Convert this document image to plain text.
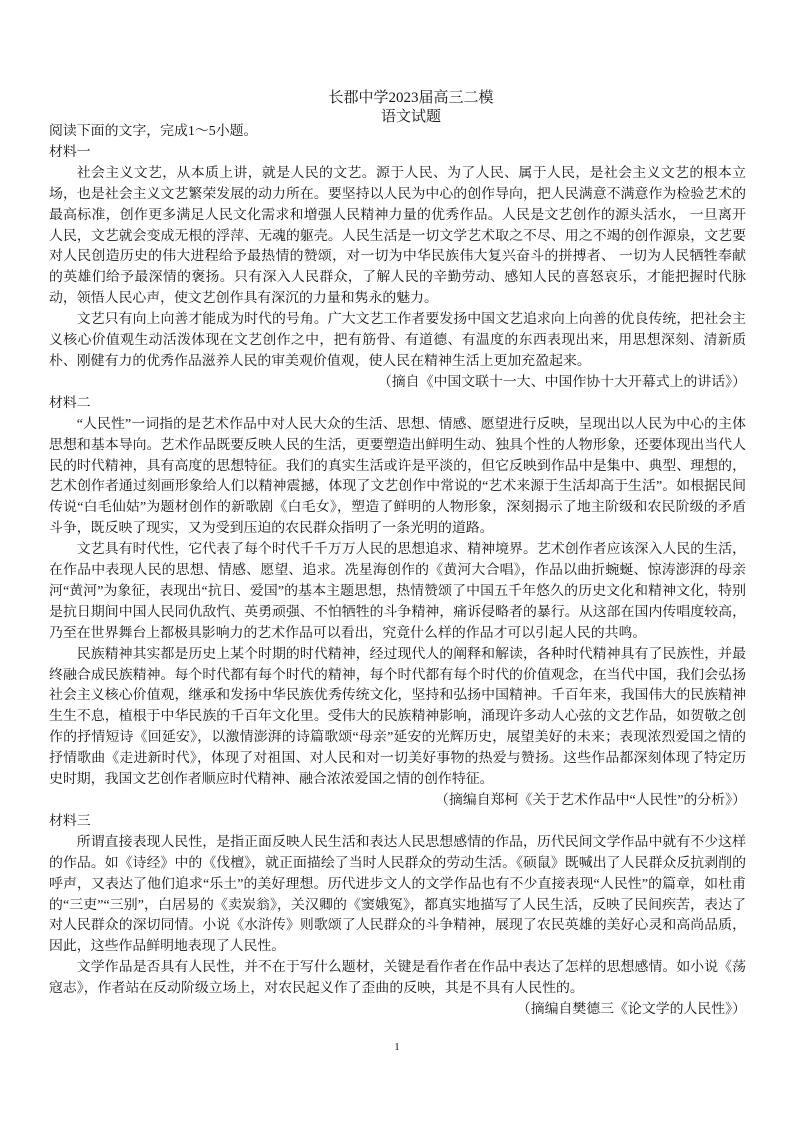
长郡中学2023届高三二模
语文试题

阅读下面的文字，完成1～5小题。

材料一

社会主义文艺，从本质上讲，就是人民的文艺。源于人民、为了人民、属于人民，是社会主义文艺的根本立场，也是社会主义文艺繁荣发展的动力所在。要坚持以人民为中心的创作导向，把人民满意不满意作为检验艺术的最高标准，创作更多满足人民文化需求和增强人民精神力量的优秀作品。人民是文艺创作的源头活水， 一旦离开人民，文艺就会变成无根的浮萍、无魂的躯壳。人民生活是一切文学艺术取之不尽、用之不竭的创作源泉，文艺要对人民创造历史的伟大进程给予最热情的赞颂，对一切为中华民族伟大复兴奋斗的拼搏者、 一切为人民牺牲奉献的英雄们给予最深情的褒扬。只有深入人民群众，了解人民的辛勤劳动、感知人民的喜怒哀乐，才能把握时代脉动，领悟人民心声，使文艺创作具有深沉的力量和隽永的魅力。

文艺只有向上向善才能成为时代的号角。广大文艺工作者要发扬中国文艺追求向上向善的优良传统，把社会主义核心价值观生动活泼体现在文艺创作之中，把有筋骨、有道德、有温度的东西表现出来，用思想深刻、清新质朴、刚健有力的优秀作品滋养人民的审美观价值观，使人民在精神生活上更加充盈起来。

（摘自《中国文联十一大、中国作协十大开幕式上的讲话》）

材料二

“人民性”一词指的是艺术作品中对人民大众的生活、思想、情感、愿望进行反映，呈现出以人民为中心的主体思想和基本导向。艺术作品既要反映人民的生活，更要塑造出鲜明生动、独具个性的人物形象，还要体现出当代人民的时代精神，具有高度的思想特征。我们的真实生活或许是平淡的，但它反映到作品中是集中、典型、理想的，艺术创作者通过刻画形象给人们以精神震撼，体现了文艺创作中常说的“艺术来源于生活却高于生活”。如根据民间传说“白毛仙姑”为题材创作的新歌剧《白毛女》，塑造了鲜明的人物形象，深刻揭示了地主阶级和农民阶级的矛盾斗争，既反映了现实，又为受到压迫的农民群众指明了一条光明的道路。

文艺具有时代性，它代表了每个时代千千万万人民的思想追求、精神境界。艺术创作者应该深入人民的生活，在作品中表现人民的思想、情感、愿望、追求。冼星海创作的《黄河大合唱》，作品以曲折蜿蜒、惊涛澎湃的母亲河“黄河”为象征，表现出“抗日、爱国”的基本主题思想，热情赞颂了中国五千年悠久的历史文化和精神文化，特别是抗日期间中国人民同仇敌忾、英勇顽强、不怕牺牲的斗争精神，痛诉侵略者的暴行。从这部在国内传唱度较高，乃至在世界舞台上都极具影响力的艺术作品可以看出，究竟什么样的作品才可以引起人民的共鸣。

民族精神其实都是历史上某个时期的时代精神，经过现代人的阐释和解读，各种时代精神具有了民族性，并最终融合成民族精神。每个时代都有每个时代的精神，每个时代都有每个时代的价值观念，在当代中国，我们会弘扬社会主义核心价值观，继承和发扬中华民族优秀传统文化，坚持和弘扬中国精神。千百年来，我国伟大的民族精神生生不息，植根于中华民族的千百年文化里。受伟大的民族精神影响，涌现许多动人心弦的文艺作品，如贺敬之创作的抒情短诗《回延安》，以激情澎湃的诗篇歌颂“母亲”延安的光辉历史，展望美好的未来；表现浓烈爱国之情的抒情歌曲《走进新时代》，体现了对祖国、对人民和对一切美好事物的热爱与赞扬。这些作品都深刻体现了特定历史时期，我国文艺创作者顺应时代精神、融合浓浓爱国之情的创作特征。

（摘编自郑柯《关于艺术作品中“人民性”的分析》）

材料三

所谓直接表现人民性，是指正面反映人民生活和表达人民思想感情的作品，历代民间文学作品中就有不少这样的作品。如《诗经》中的《伐檀》，就正面描绘了当时人民群众的劳动生活。《硕鼠》既喊出了人民群众反抗剥削的呼声，又表达了他们追求“乐土”的美好理想。历代进步文人的文学作品也有不少直接表现“人民性”的篇章，如杜甫的“三吏”“三别”，白居易的《卖炭翁》，关汉卿的《窦娥冤》，都真实地描写了人民生活，反映了民间疾苦，表达了对人民群众的深切同情。小说《水浒传》则歌颂了人民群众的斗争精神，展现了农民英雄的美好心灵和高尚品质，因此，这些作品鲜明地表现了人民性。

文学作品是否具有人民性，并不在于写什么题材，关键是看作者在作品中表达了怎样的思想感情。如小说《荡寇志》，作者站在反动阶级立场上，对农民起义作了歪曲的反映，其是不具有人民性的。

（摘编自樊德三《论文学的人民性》）

1
